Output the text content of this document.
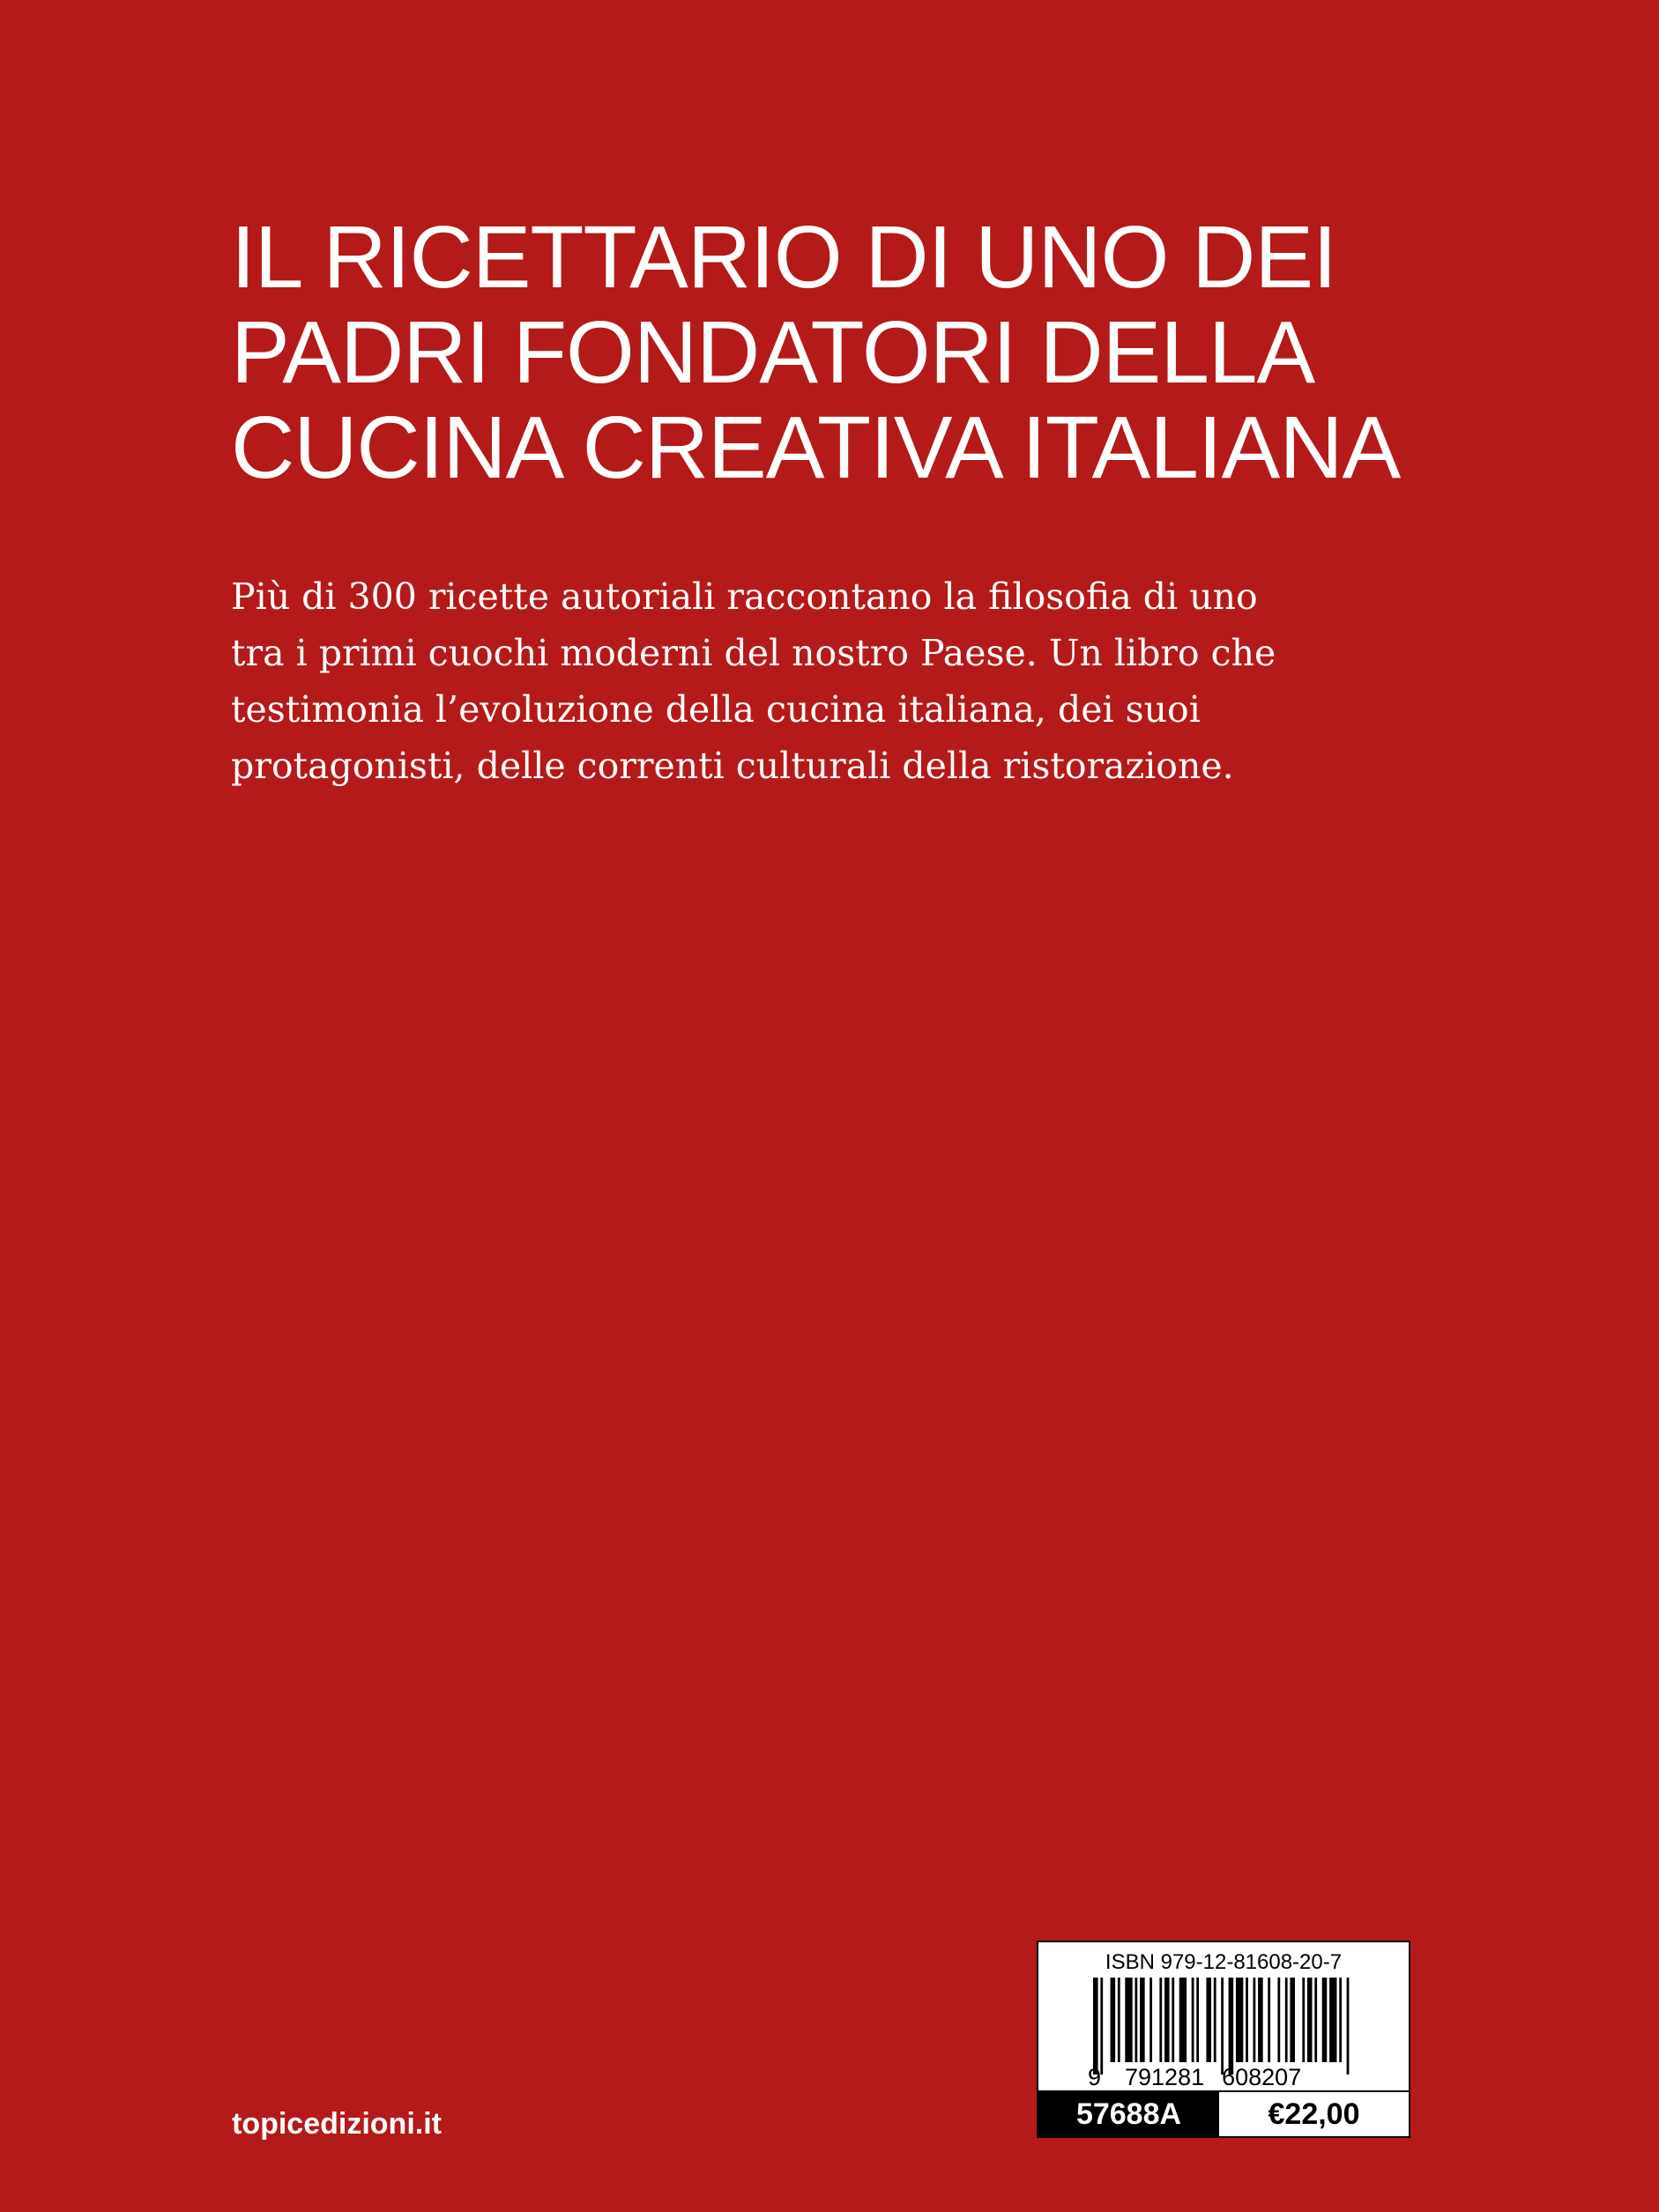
IL RICETTARIO DI UNO DEI
PADRI FONDATORI DELLA
CUCINA CREATIVA ITALIANA
Più di 300 ricette autoriali raccontano la filosofia di uno
tra i primi cuochi moderni del nostro Paese. Un libro che
testimonia l’evoluzione della cucina italiana, dei suoi
protagonisti, delle correnti culturali della ristorazione.
topicedizioni.it
ISBN 979-12-81608-20-7
9 791281 608207
57688A	€22,00
